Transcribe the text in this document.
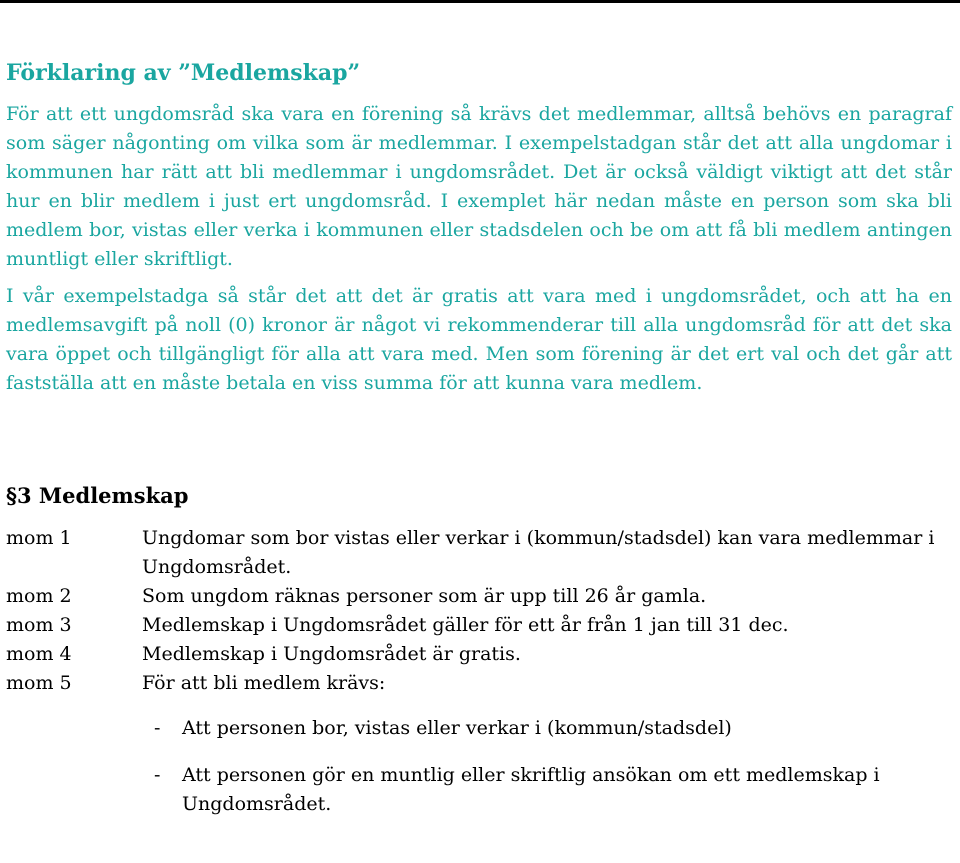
Förklaring av ”Medlemskap”

För att ett ungdomsråd ska vara en förening så krävs det medlemmar, alltså behövs en paragraf som säger någonting om vilka som är medlemmar. I exempelstadgan står det att alla ungdomar i kommunen har rätt att bli medlemmar i ungdomsrådet. Det är också väldigt viktigt att det står hur en blir medlem i just ert ungdomsråd. I exemplet här nedan måste en person som ska bli medlem bor, vistas eller verka i kommunen eller stadsdelen och be om att få bli medlem antingen muntligt eller skriftligt.

I vår exempelstadga så står det att det är gratis att vara med i ungdomsrådet, och att ha en medlemsavgift på noll (0) kronor är något vi rekommenderar till alla ungdomsråd för att det ska vara öppet och tillgängligt för alla att vara med. Men som förening är det ert val och det går att fastställa att en måste betala en viss summa för att kunna vara medlem.

§3 Medlemskap
mom 1	Ungdomar som bor vistas eller verkar i (kommun/stadsdel) kan vara medlemmar i Ungdomsrådet.
mom 2	Som ungdom räknas personer som är upp till 26 år gamla.
mom 3	Medlemskap i Ungdomsrådet gäller för ett år från 1 jan till 31 dec.
mom 4	Medlemskap i Ungdomsrådet är gratis.
mom 5	För att bli medlem krävs:
-	Att personen bor, vistas eller verkar i (kommun/stadsdel)
-	Att personen gör en muntlig eller skriftlig ansökan om ett medlemskap i Ungdomsrådet.
